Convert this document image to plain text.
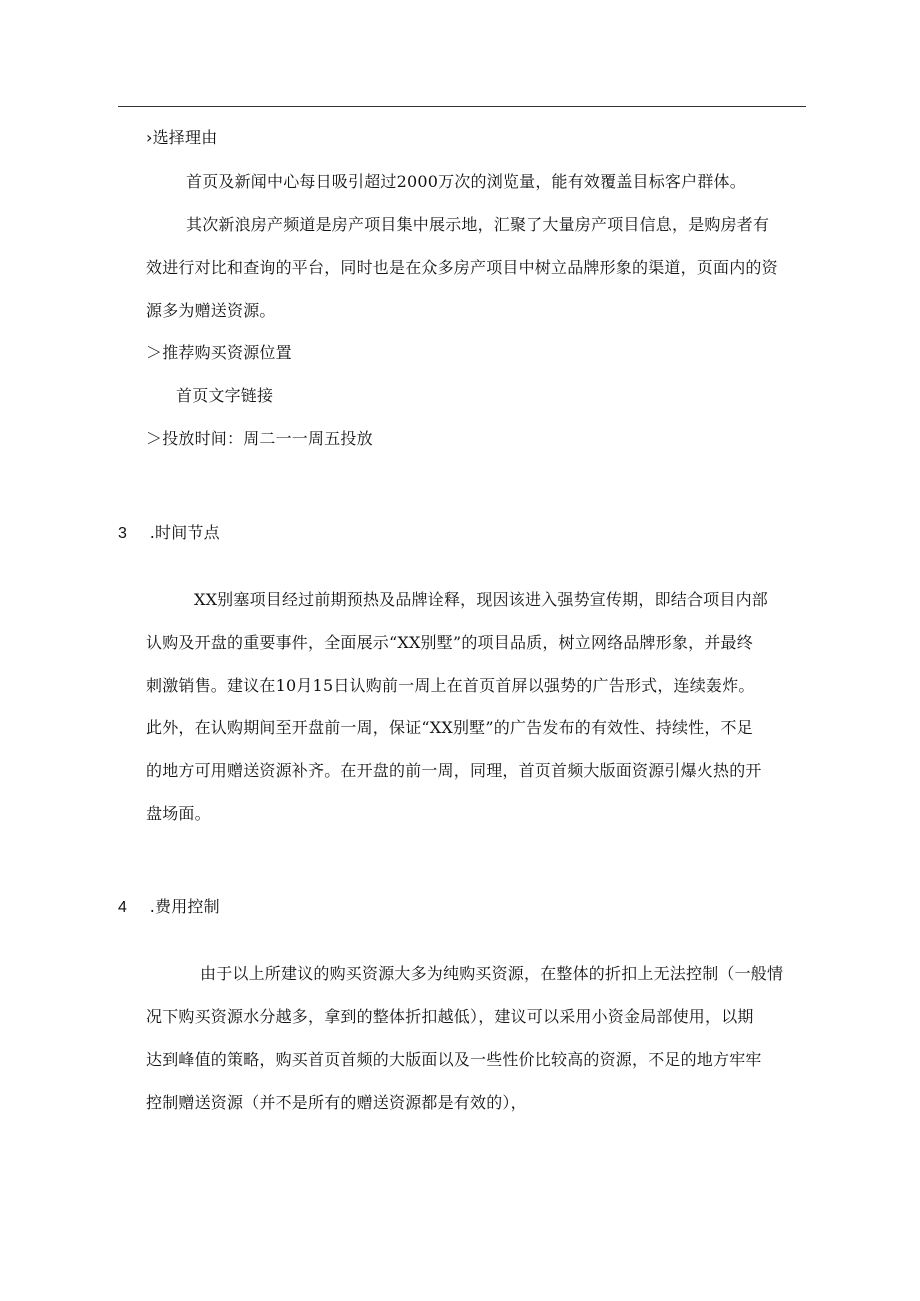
›选择理由
首页及新闻中心每日吸引超过2000万次的浏览量，能有效覆盖目标客户群体。
其次新浪房产频道是房产项目集中展示地，汇聚了大量房产项目信息，是购房者有
效进行对比和查询的平台，同时也是在众多房产项目中树立品牌形象的渠道，页面内的资
源多为赠送资源。
＞推荐购买资源位置
首页文字链接
＞投放时间：周二一一周五投放
3 .时间节点
XX别塞项目经过前期预热及品牌诠释，现因该进入强势宣传期，即结合项目内部
认购及开盘的重要事件，全面展示“XX别墅”的项目品质，树立网络品牌形象，并最终
刺激销售。建议在10月15日认购前一周上在首页首屏以强势的广告形式，连续轰炸。
此外，在认购期间至开盘前一周，保证“XX别墅”的广告发布的有效性、持续性，不足
的地方可用赠送资源补齐。在开盘的前一周，同理，首页首频大版面资源引爆火热的开
盘场面。
4 .费用控制
由于以上所建议的购买资源大多为纯购买资源，在整体的折扣上无法控制（一般情
况下购买资源水分越多，拿到的整体折扣越低），建议可以采用小资金局部使用，以期
达到峰值的策略，购买首页首频的大版面以及一些性价比较高的资源，不足的地方牢牢
控制赠送资源（并不是所有的赠送资源都是有效的），
